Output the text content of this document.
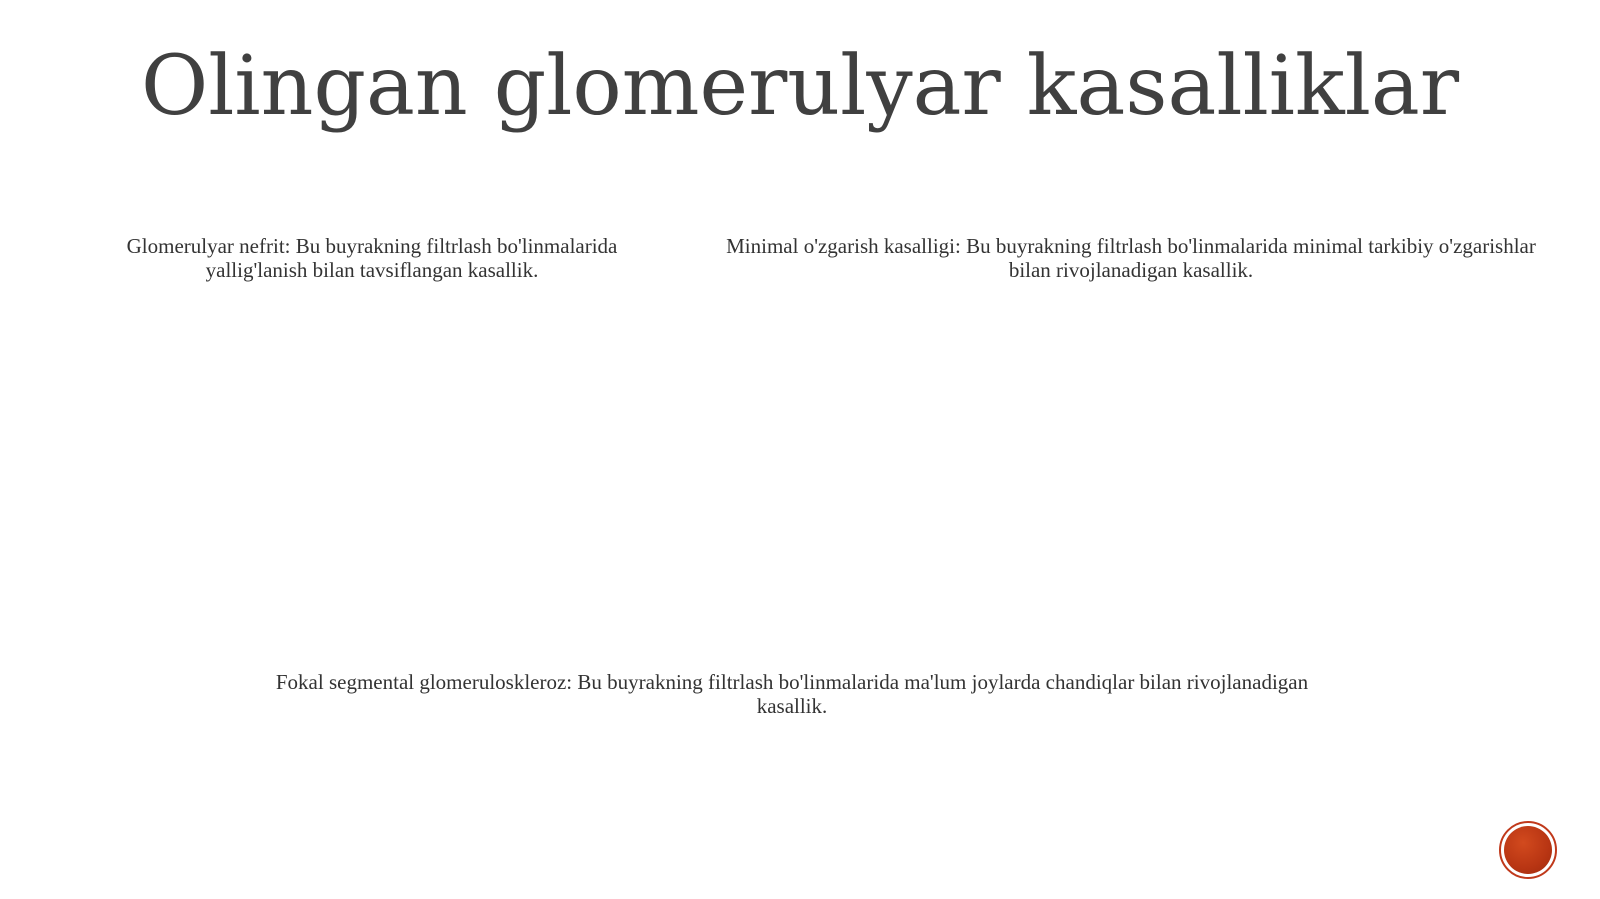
Olingan glomerulyar kasalliklar
Glomerulyar nefrit: Bu buyrakning filtrlash bo'linmalarida yallig'lanish bilan tavsiflangan kasallik.
Minimal o'zgarish kasalligi: Bu buyrakning filtrlash bo'linmalarida minimal tarkibiy o'zgarishlar bilan rivojlanadigan kasallik.
Fokal segmental glomeruloskleroz: Bu buyrakning filtrlash bo'linmalarida ma'lum joylarda chandiqlar bilan rivojlanadigan kasallik.
